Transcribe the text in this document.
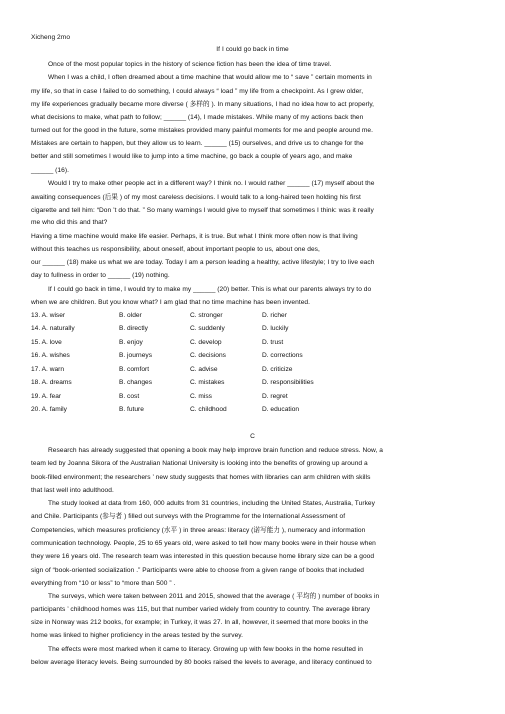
Xicheng 2mo
If I could go back in time
Once of the most popular topics in the history of science fiction has been the idea of time travel.
When I was a child, I often dreamed about a time machine that would allow me to “ save ” certain moments in
my life, so that in case I failed to do something, I could always “ load ” my life from a checkpoint. As I grew older,
my life experiences gradually became more diverse ( 多样的 ). In many situations, I had no idea how to act properly,
what decisions to make, what path to follow; ______ (14), I made mistakes. While many of my actions back then
turned out for the good in the future, some mistakes provided many painful moments for me and people around me.
Mistakes are certain to happen, but they allow us to learn. ______ (15) ourselves, and drive us to change for the
better and still sometimes I would like to jump into a time machine, go back a couple of years ago, and make
______ (16).
Would I try to make other people act in a different way? I think no. I would rather ______ (17) myself about the
awaiting consequences (后果 ) of my most careless decisions. I would talk to a long-haired teen holding his first
cigarette and tell him: “Don ’t do that. ” So many warnings I would give to myself that sometimes I think: was it really
me who did this and that?
Having a time machine would make life easier. Perhaps, it is true. But what I think more often now is that living
without this teaches us responsibility, about oneself, about important people to us, about one des,
our ______ (18) make us what we are today. Today I am a person leading a healthy, active lifestyle; I try to live each
day to fullness in order to ______ (19) nothing.
If I could go back in time, I would try to make my ______ (20) better. This is what our parents always try to do
when we are children. But you know what? I am glad that no time machine has been invented.
13. A. wiser	B. older	C. stronger	D. richer
14. A. naturally	B. directly	C. suddenly	D. luckily
15. A. love	B. enjoy	C. develop	D. trust
16. A. wishes	B. journeys	C. decisions	D. corrections
17. A. warn	B. comfort	C. advise	D. criticize
18. A. dreams	B. changes	C. mistakes	D. responsibilities
19. A. fear	B. cost	C. miss	D. regret
20. A. family	B. future	C. childhood	D. education
C
Research has already suggested that opening a book may help improve brain function and reduce stress. Now, a
team led by Joanna Sikora of the Australian National University is looking into the benefits of growing up around a
book-filled environment; the researchers ’ new study suggests that homes with libraries can arm children with skills
that last well into adulthood.
The study looked at data from 160, 000 adults from 31 countries, including the United States, Australia, Turkey
and Chile. Participants (参与者 ) filled out surveys with the Programme for the International Assessment of
Competencies, which measures proficiency (水平 ) in three areas: literacy (诺写能力 ), numeracy and information
communication technology. People, 25 to 65 years old, were asked to tell how many books were in their house when
they were 16 years old. The research team was interested in this question because home library size can be a good
sign of “book-oriented socialization .” Participants were able to choose from a given range of books that included
everything from “10 or less” to “more than 500 ” .
The surveys, which were taken between 2011 and 2015, showed that the average ( 平均的 ) number of books in
participants ’ childhood homes was 115, but that number varied widely from country to country. The average library
size in Norway was 212 books, for example; in Turkey, it was 27. In all, however, it seemed that more books in the
home was linked to higher proficiency in the areas tested by the survey.
The effects were most marked when it came to literacy. Growing up with few books in the home resulted in
below average literacy levels. Being surrounded by 80 books raised the levels to average, and literacy continued to
